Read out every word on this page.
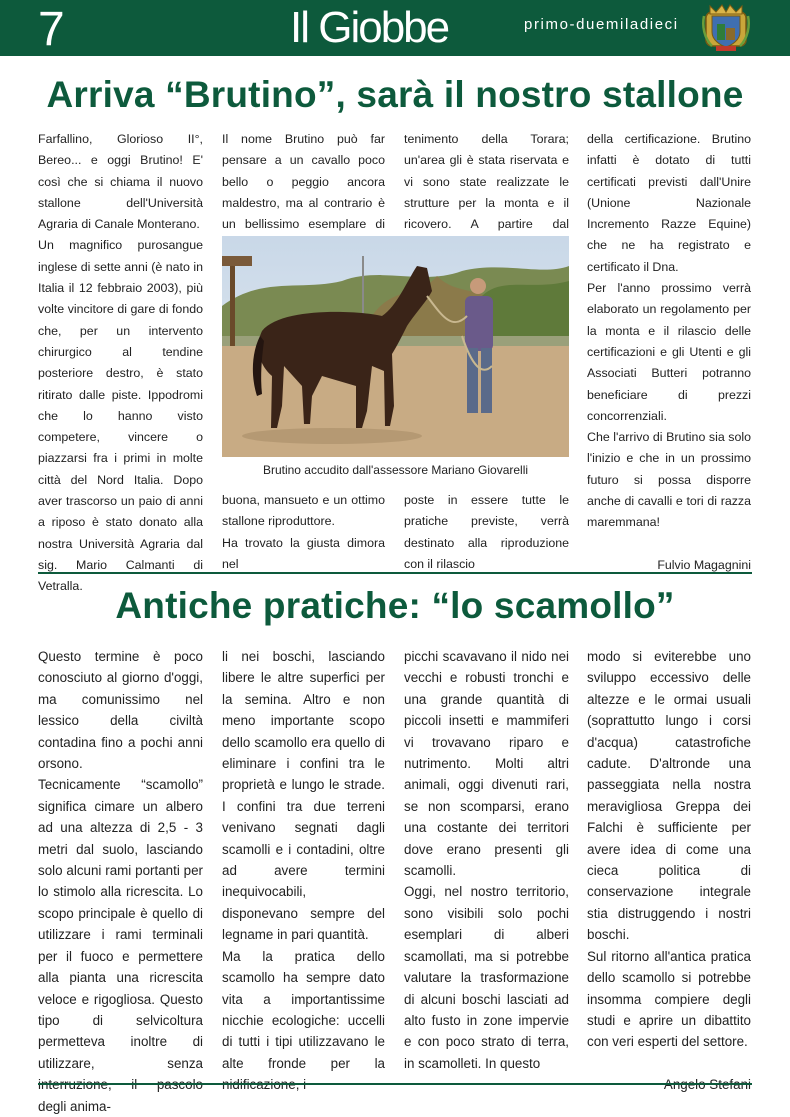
7	Il Giobbe	primo-duemiladieci
Arriva “Brutino”, sarà il nostro stallone

Farfallino, Glorioso II°, Bereo... e oggi Brutino! E' così che si chiama il nuovo stallone dell'Università Agraria di Canale Monterano.

Un magnifico purosangue inglese di sette anni (è nato in Italia il 12 febbraio 2003), più volte vincitore di gare di fondo che, per un intervento chirurgico al tendine posteriore destro, è stato ritirato dalle piste. Ippodromi che lo hanno visto competere, vincere o piazzarsi fra i primi in molte città del Nord Italia. Dopo aver trascorso un paio di anni a riposo è stato donato alla nostra Università Agraria dal sig. Mario Calmanti di Vetralla.

Il nome Brutino può far pensare a un cavallo poco bello o peggio ancora maldestro, ma al contrario è un bellissimo esemplare di

buona, mansueto e un ottimo stallone riproduttore.

Ha trovato la giusta dimora nel

tenimento della Torara; un'area gli è stata riservata e vi sono state realizzate le strutture per la monta e il ricovero. A partire dal

poste in essere tutte le pratiche previste, verrà destinato alla riproduzione con il rilascio

della certificazione. Brutino infatti è dotato di tutti certificati previsti dall'Unire (Unione Nazionale Incremento Razze Equine) che ne ha registrato e certificato il Dna.

Per l'anno prossimo verrà elaborato un regolamento per la monta e il rilascio delle certificazioni e gli Utenti e gli Associati Butteri potranno beneficiare di prezzi concorrenziali.

Che l'arrivo di Brutino sia solo l'inizio e che in un prossimo futuro si possa disporre anche di cavalli e tori di razza maremmana!

Fulvio Magagnini

Brutino accudito dall'assessore Mariano Giovarelli
Antiche pratiche: “lo scamollo”

Questo termine è poco conosciuto al giorno d'oggi, ma comunissimo nel lessico della civiltà contadina fino a pochi anni orsono.

Tecnicamente “scamollo” significa cimare un albero ad una altezza di 2,5 - 3 metri dal suolo, lasciando solo alcuni rami portanti per lo stimolo alla ricrescita. Lo scopo principale è quello di utilizzare i rami terminali per il fuoco e permettere alla pianta una ricrescita veloce e rigogliosa. Questo tipo di selvicoltura permetteva inoltre di utilizzare, senza degli anima-

li nei boschi, lasciando libere le altre superfici per la semina. Altro e non meno importante scopo dello scamollo era quello di eliminare i confini tra le proprietà e lungo le strade. I confini tra due terreni venivano segnati dagli scamolli e i contadini, oltre ad avere termini inequivocabili, disponevano sempre del legname in pari quantità.

Ma la pratica dello scamollo ha sempre dato vita a importantissime nicchie ecologiche: uccelli di tutti i tipi utilizzavano le alte fronde per la

picchi scavavano il nido nei vecchi e robusti tronchi e una grande quantità di piccoli insetti e mammiferi vi trovavano riparo e nutrimento. Molti altri animali, oggi divenuti rari, se non scomparsi, erano una costante dei territori dove erano presenti gli scamolli.

Oggi, nel nostro territorio, sono visibili solo pochi esemplari di alberi scamollati, ma si potrebbe valutare la trasformazione di alcuni boschi lasciati ad alto fusto in zone impervie e con poco strato di terra, in scamolleti. In questo

modo si eviterebbe uno sviluppo eccessivo delle altezze e le ormai usuali (soprattutto lungo i corsi d'acqua) catastrofiche cadute. D'altronde una passeggiata nella nostra meravigliosa Greppa dei Falchi è sufficiente per avere idea di come una cieca politica di conservazione integrale stia distruggendo i nostri boschi.

Sul ritorno all'antica pratica dello scamollo si potrebbe insomma compiere degli studi e aprire un dibattito con veri esperti del settore.
